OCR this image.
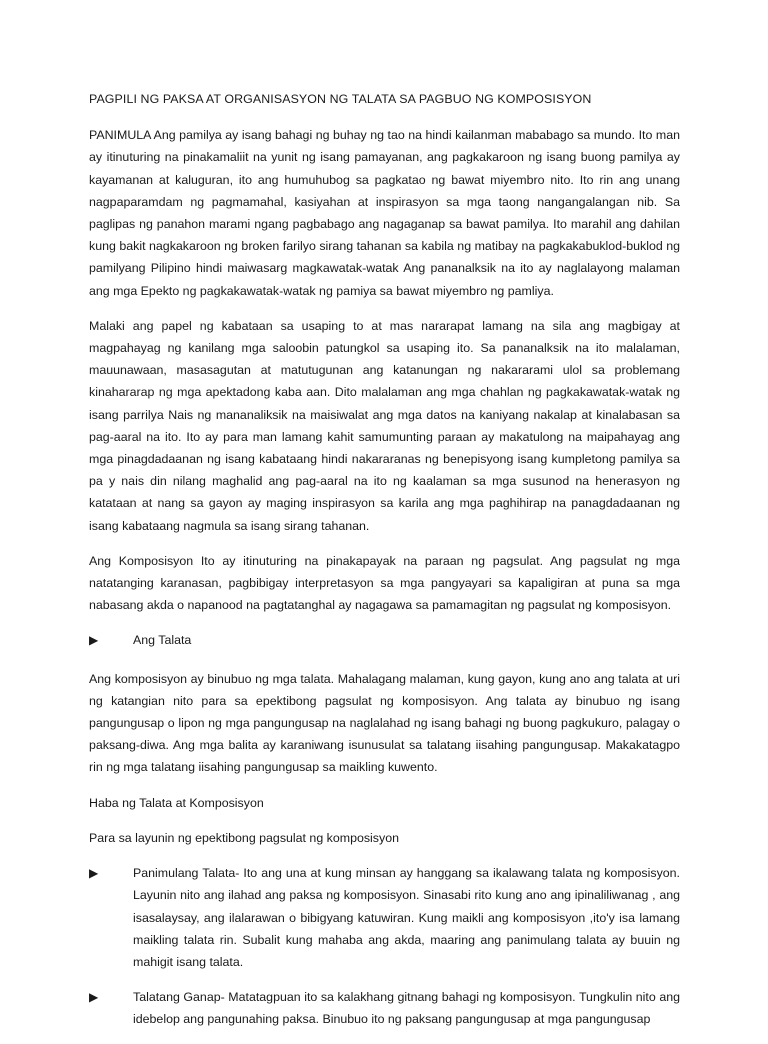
PAGPILI NG PAKSA AT ORGANISASYON NG TALATA SA PAGBUO NG KOMPOSISYON

PANIMULA Ang pamilya ay isang bahagi ng buhay ng tao na hindi kailanman mababago sa mundo. Ito man ay itinuturing na pinakamaliit na yunit ng isang pamayanan, ang pagkakaroon ng isang buong pamilya ay kayamanan at kaluguran, ito ang humuhubog sa pagkatao ng bawat miyembro nito. Ito rin ang unang nagpaparamdam ng pagmamahal, kasiyahan at inspirasyon sa mga taong nangangalangan nib. Sa paglipas ng panahon marami ngang pagbabago ang nagaganap sa bawat pamilya. Ito marahil ang dahilan kung bakit nagkakaroon ng broken farilyo sirang tahanan sa kabila ng matibay na pagkakabuklod-buklod ng pamilyang Pilipino hindi maiwasarg magkawatak-watak Ang pananalksik na ito ay naglalayong malaman ang mga Epekto ng pagkakawatak-watak ng pamiya sa bawat miyembro ng pamliya.

Malaki ang papel ng kabataan sa usaping to at mas nararapat lamang na sila ang magbigay at magpahayag ng kanilang mga saloobin patungkol sa usaping ito. Sa pananalksik na ito malalaman, mauunawaan, masasagutan at matutugunan ang katanungan ng nakararami ulol sa problemang kinahararap ng mga apektadong kaba aan. Dito malalaman ang mga chahlan ng pagkakawatak-watak ng isang parrilya Nais ng mananaliksik na maisiwalat ang mga datos na kaniyang nakalap at kinalabasan sa pag-aaral na ito. Ito ay para man lamang kahit samumunting paraan ay makatulong na maipahayag ang mga pinagdadaanan ng isang kabataang hindi nakararanas ng benepisyong isang kumpletong pamilya sa pa y nais din nilang maghalid ang pag-aaral na ito ng kaalaman sa mga susunod na henerasyon ng katataan at nang sa gayon ay maging inspirasyon sa karila ang mga paghihirap na panagdadaanan ng isang kabataang nagmula sa isang sirang tahanan.

Ang Komposisyon Ito ay itinuturing na pinakapayak na paraan ng pagsulat. Ang pagsulat ng mga natatanging karanasan, pagbibigay interpretasyon sa mga pangyayari sa kapaligiran at puna sa mga nabasang akda o napanood na pagtatanghal ay nagagawa sa pamamagitan ng pagsulat ng komposisyon.

▶	Ang Talata

Ang komposisyon ay binubuo ng mga talata. Mahalagang malaman, kung gayon, kung ano ang talata at uri ng katangian nito para sa epektibong pagsulat ng komposisyon. Ang talata ay binubuo ng isang pangungusap o lipon ng mga pangungusap na naglalahad ng isang bahagi ng buong pagkukuro, palagay o paksang-diwa. Ang mga balita ay karaniwang isunusulat sa talatang iisahing pangungusap. Makakatagpo rin ng mga talatang iisahing pangungusap sa maikling kuwento.

Haba ng Talata at Komposisyon
Para sa layunin ng epektibong pagsulat ng komposisyon
▶	Panimulang Talata- Ito ang una at kung minsan ay hanggang sa ikalawang talata ng komposisyon. Layunin nito ang ilahad ang paksa ng komposisyon. Sinasabi rito kung ano ang ipinaliliwanag , ang isasalaysay, ang ilalarawan o bibigyang katuwiran. Kung maikli ang komposisyon ,ito'y isa lamang maikling talata rin. Subalit kung mahaba ang akda, maaring ang panimulang talata ay buuin ng mahigit isang talata.
▶	Talatang Ganap- Matatagpuan ito sa kalakhang gitnang bahagi ng komposisyon. Tungkulin nito ang idebelop ang pangunahing paksa. Binubuo ito ng paksang pangungusap at mga pangungusap
